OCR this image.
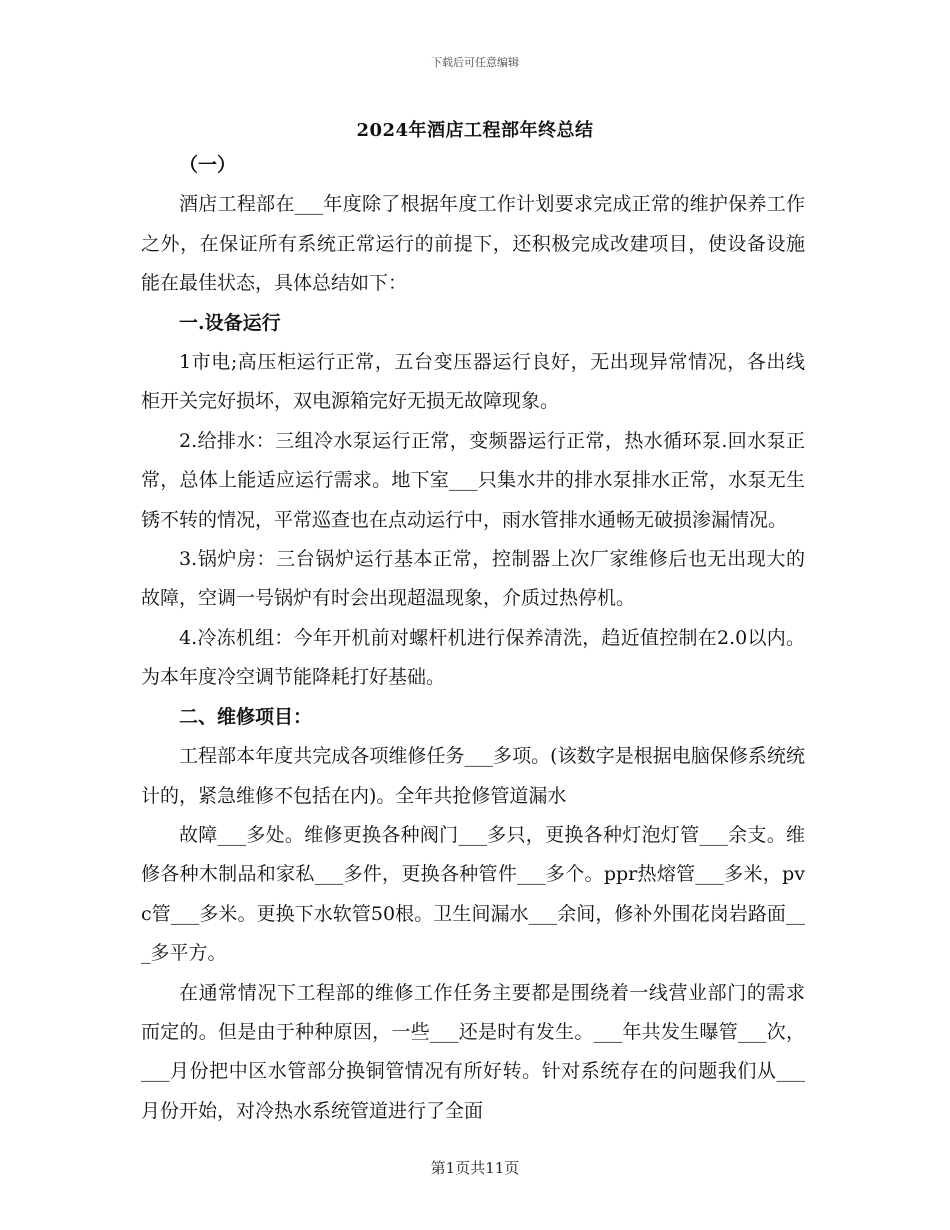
下载后可任意编辑
2024年酒店工程部年终总结

（一）

酒店工程部在___年度除了根据年度工作计划要求完成正常的维护保养工作之外，在保证所有系统正常运行的前提下，还积极完成改建项目，使设备设施能在最佳状态，具体总结如下：

一.设备运行

1市电;高压柜运行正常，五台变压器运行良好，无出现异常情况，各出线柜开关完好损坏，双电源箱完好无损无故障现象。

2.给排水：三组冷水泵运行正常，变频器运行正常，热水循环泵.回水泵正常，总体上能适应运行需求。地下室___只集水井的排水泵排水正常，水泵无生锈不转的情况，平常巡查也在点动运行中，雨水管排水通畅无破损渗漏情况。

3.锅炉房：三台锅炉运行基本正常，控制器上次厂家维修后也无出现大的故障，空调一号锅炉有时会出现超温现象，介质过热停机。

4.冷冻机组：今年开机前对螺杆机进行保养清洗，趋近值控制在2.0以内。为本年度冷空调节能降耗打好基础。

二、维修项目：

工程部本年度共完成各项维修任务___多项。(该数字是根据电脑保修系统统计的，紧急维修不包括在内)。全年共抢修管道漏水

故障___多处。维修更换各种阀门___多只，更换各种灯泡灯管___余支。维修各种木制品和家私___多件，更换各种管件___多个。ppr热熔管___多米，pvc管___多米。更换下水软管50根。卫生间漏水___余间，修补外围花岗岩路面___多平方。

在通常情况下工程部的维修工作任务主要都是围绕着一线营业部门的需求而定的。但是由于种种原因，一些___还是时有发生。___年共发生曝管___次，___月份把中区水管部分换铜管情况有所好转。针对系统存在的问题我们从___月份开始，对冷热水系统管道进行了全面

第1页共11页
